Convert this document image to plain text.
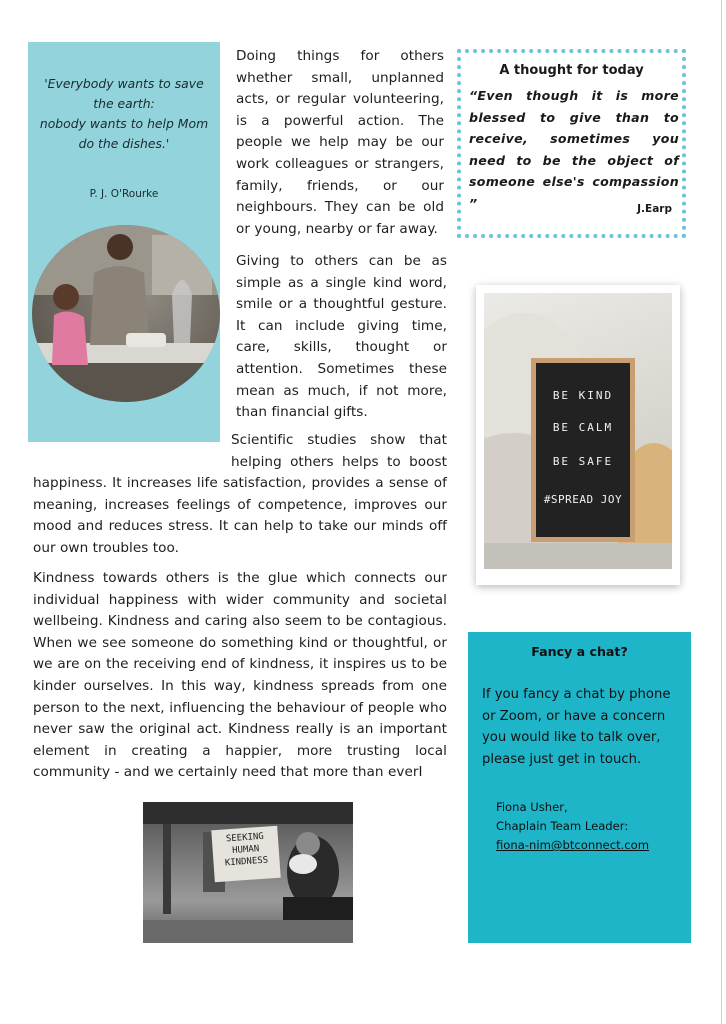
'Everybody wants to save
the earth:
nobody wants to help Mom
do the dishes.'
P. J. O'Rourke
Doing things for others whether small, unplanned acts, or regular volunteering, is a powerful action. The people we help may be our work colleagues or strangers, family, friends, or our neighbours. They can be old or young, nearby or far away.
Giving to others can be as simple as a single kind word, smile or a thoughtful gesture. It can include giving time, care, skills, thought or attention. Sometimes these mean as much, if not more, than financial gifts.
Scientific studies show that helping others helps to boost happiness. It increases life satisfaction, provides a sense of meaning, increases feelings of competence, improves our mood and reduces stress. It can help to take our minds off our own troubles too.
Kindness towards others is the glue which connects our individual happiness with wider community and societal wellbeing. Kindness and caring also seem to be contagious. When we see someone do something kind or thoughtful, or we are on the receiving end of kindness, it inspires us to be kinder ourselves. In this way, kindness spreads from one person to the next, influencing the behaviour of people who never saw the original act. Kindness really is an important element in creating a happier, more trusting local community - and we certainly need that more than everI
A thought for today
“Even though it is more blessed to give than to receive, sometimes you need to be the object of someone else's compassion ”	J.Earp
BE KIND
BE CALM
BE SAFE
#SPREAD JOY
Fancy a chat?
If you fancy a chat by phone or Zoom, or have a concern you would like to talk over, please just get in touch.
Fiona Usher,
Chaplain Team Leader:
fiona-nim@btconnect.com
SEEKING
HUMAN
KINDNESS
